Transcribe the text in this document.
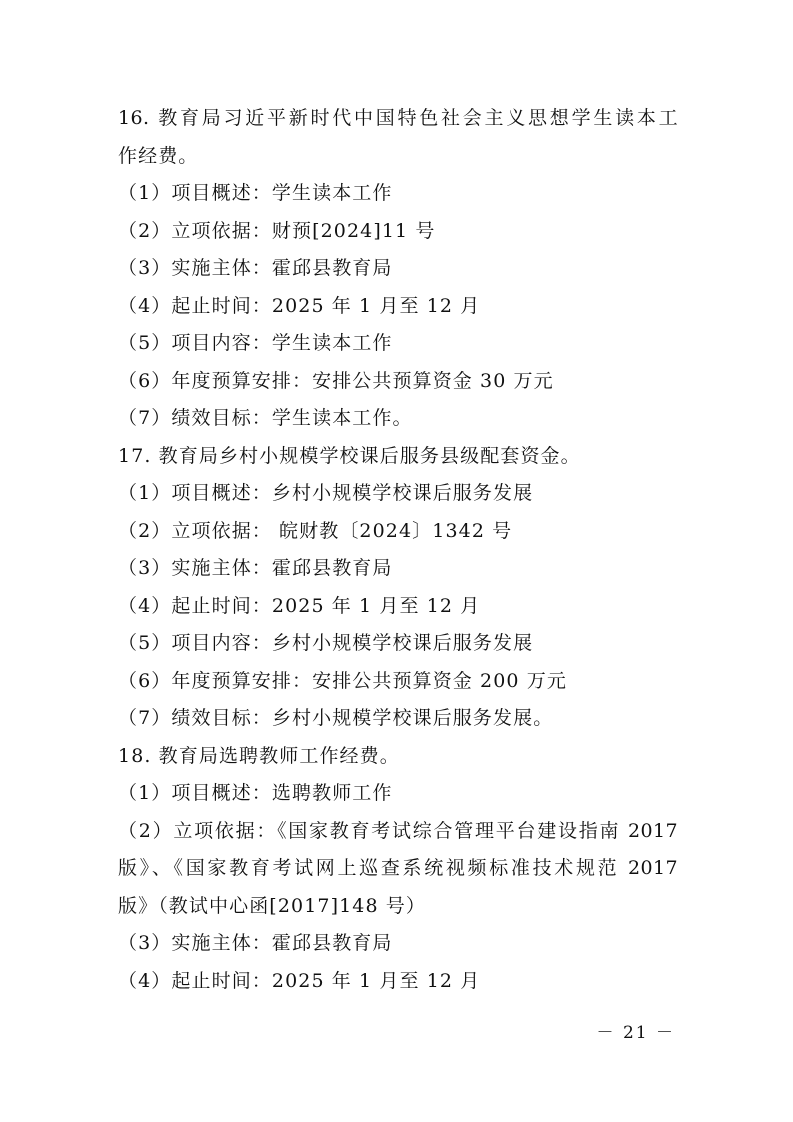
16. 教育局习近平新时代中国特色社会主义思想学生读本工
作经费。
（1）项目概述：学生读本工作
（2）立项依据：财预[2024]11 号
（3）实施主体：霍邱县教育局
（4）起止时间：2025 年 1 月至 12 月
（5）项目内容：学生读本工作
（6）年度预算安排：安排公共预算资金 30 万元
（7）绩效目标：学生读本工作。
17. 教育局乡村小规模学校课后服务县级配套资金。
（1）项目概述：乡村小规模学校课后服务发展
（2）立项依据： 皖财教〔2024〕1342 号
（3）实施主体：霍邱县教育局
（4）起止时间：2025 年 1 月至 12 月
（5）项目内容：乡村小规模学校课后服务发展
（6）年度预算安排：安排公共预算资金 200 万元
（7）绩效目标：乡村小规模学校课后服务发展。
18. 教育局选聘教师工作经费。
（1）项目概述：选聘教师工作
（2）立项依据：《国家教育考试综合管理平台建设指南 2017
版》、《国家教育考试网上巡查系统视频标准技术规范 2017
版》（教试中心函[2017]148 号）
（3）实施主体：霍邱县教育局
（4）起止时间：2025 年 1 月至 12 月
－ 21 －
